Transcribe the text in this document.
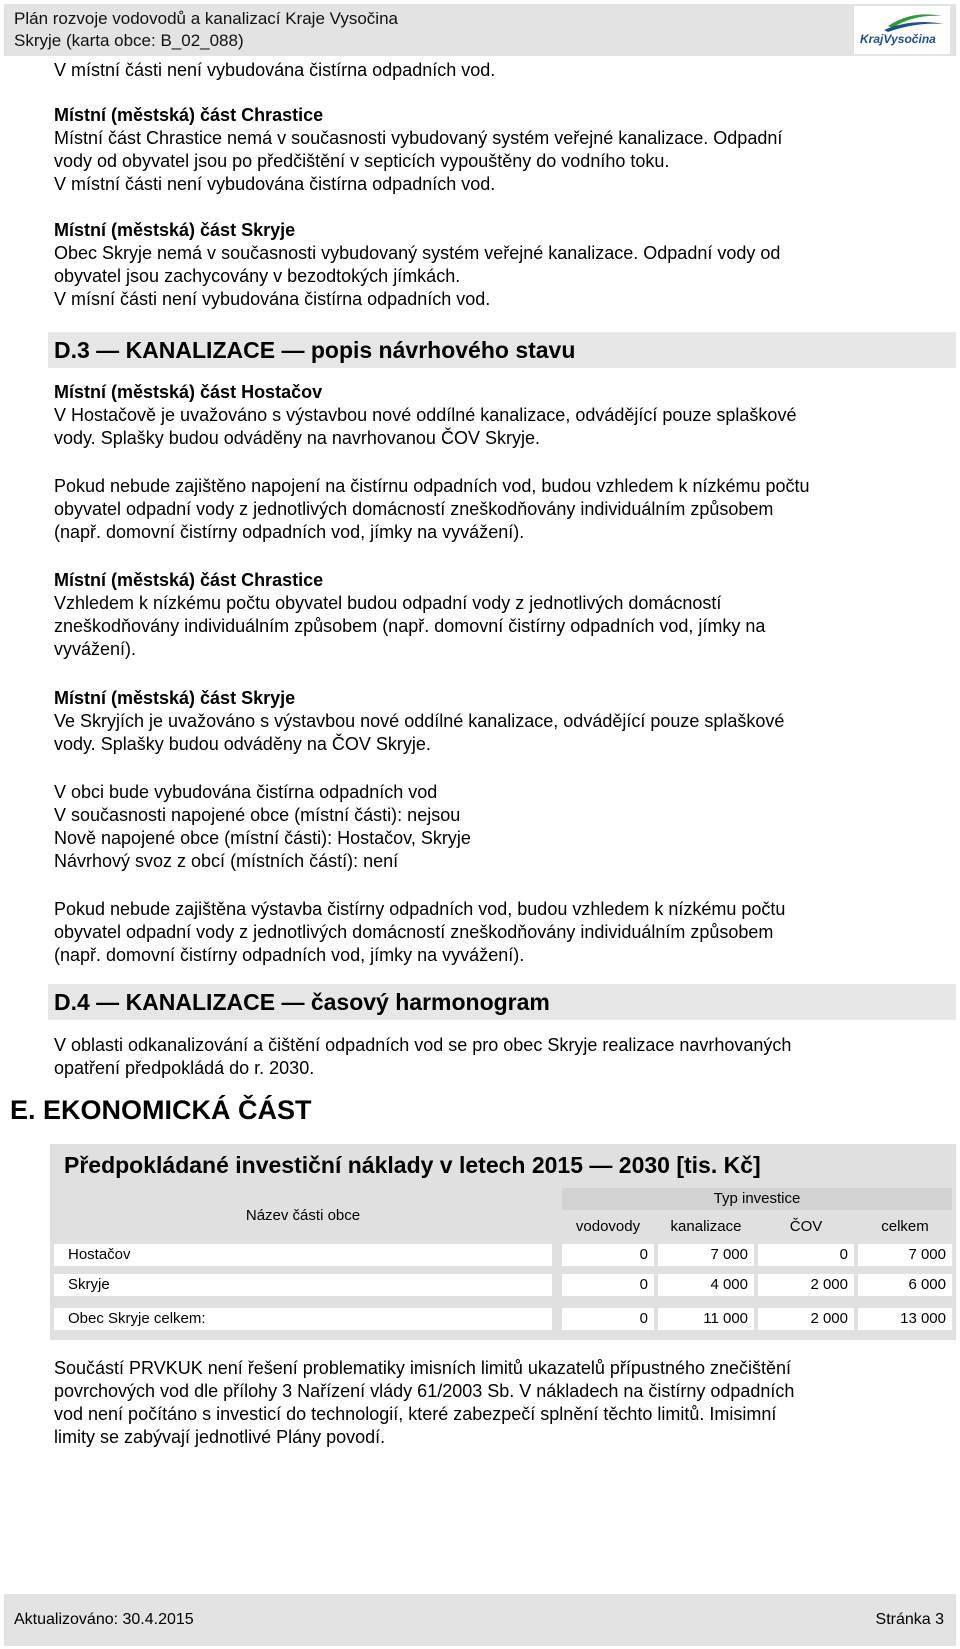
Plán rozvoje vodovodů a kanalizací Kraje Vysočina
Skryje (karta obce: B_02_088)	KrajVysočina
V místní části není vybudována čistírna odpadních vod.
Místní (městská) část Chrastice
Místní část Chrastice nemá v současnosti vybudovaný systém veřejné kanalizace. Odpadní
vody od obyvatel jsou po předčištění v septicích vypouštěny do vodního toku.
V místní části není vybudována čistírna odpadních vod.
Místní (městská) část Skryje
Obec Skryje nemá v současnosti vybudovaný systém veřejné kanalizace. Odpadní vody od
obyvatel jsou zachycovány v bezodtokých jímkách.
V mísní části není vybudována čistírna odpadních vod.
D.3 — KANALIZACE — popis návrhového stavu
Místní (městská) část Hostačov
V Hostačově je uvažováno s výstavbou nové oddílné kanalizace, odvádějící pouze splaškové
vody. Splašky budou odváděny na navrhovanou ČOV Skryje.
Pokud nebude zajištěno napojení na čistírnu odpadních vod, budou vzhledem k nízkému počtu
obyvatel odpadní vody z jednotlivých domácností zneškodňovány individuálním způsobem
(např. domovní čistírny odpadních vod, jímky na vyvážení).
Místní (městská) část Chrastice
Vzhledem k nízkému počtu obyvatel budou odpadní vody z jednotlivých domácností
zneškodňovány individuálním způsobem (např. domovní čistírny odpadních vod, jímky na
vyvážení).
Místní (městská) část Skryje
Ve Skryjích je uvažováno s výstavbou nové oddílné kanalizace, odvádějící pouze splaškové
vody. Splašky budou odváděny na ČOV Skryje.
V obci bude vybudována čistírna odpadních vod
V současnosti napojené obce (místní části): nejsou
Nově napojené obce (místní části): Hostačov, Skryje
Návrhový svoz z obcí (místních částí): není
Pokud nebude zajištěna výstavba čistírny odpadních vod, budou vzhledem k nízkému počtu
obyvatel odpadní vody z jednotlivých domácností zneškodňovány individuálním způsobem
(např. domovní čistírny odpadních vod, jímky na vyvážení).
D.4 — KANALIZACE — časový harmonogram
V oblasti odkanalizování a čištění odpadních vod se pro obec Skryje realizace navrhovaných
opatření předpokládá do r. 2030.
E. EKONOMICKÁ ČÁST
Předpokládané investiční náklady v letech 2015 — 2030 [tis. Kč]
Název části obce
Typ investice
vodovody	kanalizace	ČOV	celkem
Hostačov	0	7 000	0	7 000
Skryje	0	4 000	2 000	6 000
Obec Skryje celkem:	0	11 000	2 000	13 000
Součástí PRVKUK není řešení problematiky imisních limitů ukazatelů přípustného znečištění
povrchových vod dle přílohy 3 Nařízení vlády 61/2003 Sb. V nákladech na čistírny odpadních
vod není počítáno s investicí do technologií, které zabezpečí splnění těchto limitů. Imisimní
limity se zabývají jednotlivé Plány povodí.
Aktualizováno: 30.4.2015	Stránka 3
